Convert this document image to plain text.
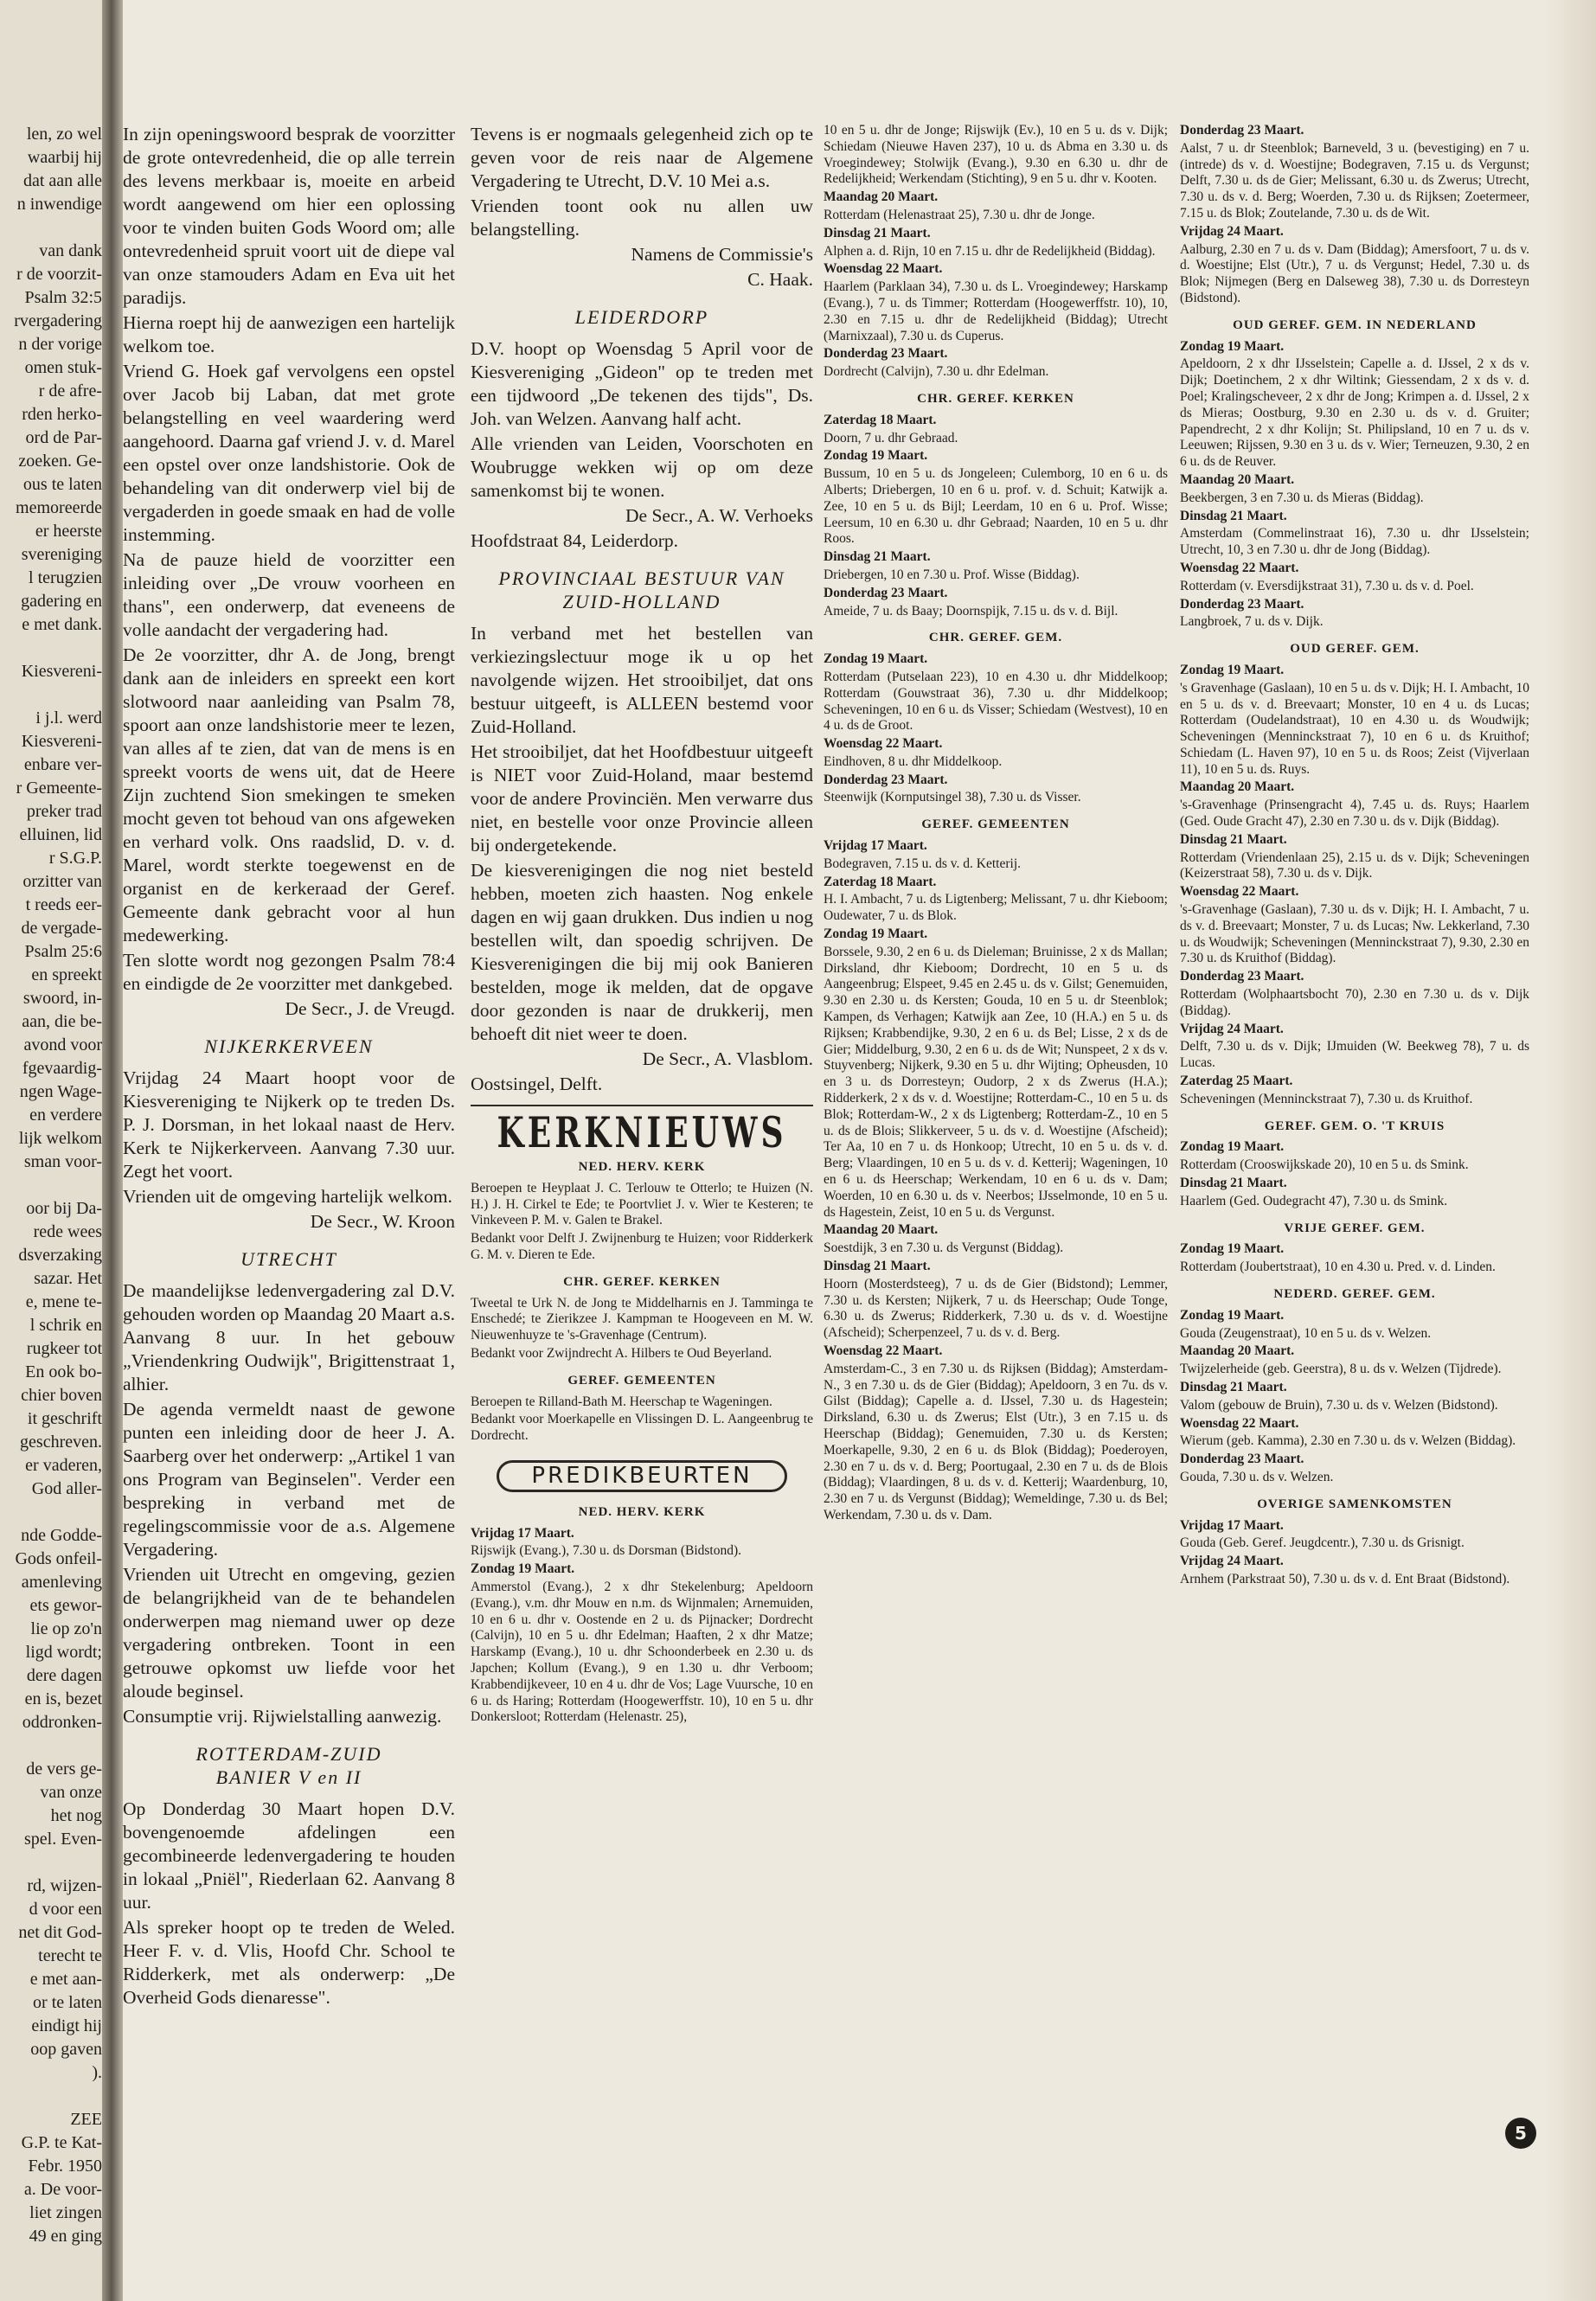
len, zo wel
waarbij hij
dat aan alle
n inwendige
van dank
r de voorzit-
Psalm 32:5
rvergadering
n der vorige
omen stuk-
r de afre-
rden herko-
ord de Par-
zoeken. Ge-
ous te laten
memoreerde
er heerste
svereniging
l terugzien
gadering en
e met dank.
Kiesvereni-
i j.l. werd
Kiesvereni-
enbare ver-
r Gemeente-
preker trad
elluinen, lid
r S.G.P.
orzitter van
t reeds eer-
de vergade-
Psalm 25:6
en spreekt
swoord, in-
aan, die be-
avond voor
fgevaardig-
ngen Wage-
en verdere
lijk welkom
sman voor-
oor bij Da-
rede wees
dsverzaking
sazar. Het
e, mene te-
l schrik en
rugkeer tot
En ook bo-
chier boven
it geschrift
geschreven.
er vaderen,
God aller-
nde Godde-
Gods onfeil-
amenleving
ets gewor-
lie op zo'n
ligd wordt;
dere dagen
en is, bezet
oddronken-
de vers ge-
van onze
het nog
spel. Even-
rd, wijzen-
d voor een
net dit God-
terecht te
e met aan-
or te laten
eindigt hij
oop gaven
).
ZEE
G.P. te Kat-
Febr. 1950
a. De voor-
liet zingen
49 en ging

In zijn openingswoord besprak de voorzitter de grote ontevredenheid, die op alle terrein des levens merkbaar is, moeite en arbeid wordt aangewend om hier een oplossing voor te vinden buiten Gods Woord om; alle ontevredenheid spruit voort uit de diepe val van onze stamouders Adam en Eva uit het paradijs.

Hierna roept hij de aanwezigen een hartelijk welkom toe.

Vriend G. Hoek gaf vervolgens een opstel over Jacob bij Laban, dat met grote belangstelling en veel waardering werd aangehoord. Daarna gaf vriend J. v. d. Marel een opstel over onze landshistorie. Ook de behandeling van dit onderwerp viel bij de vergaderden in goede smaak en had de volle instemming.

Na de pauze hield de voorzitter een inleiding over „De vrouw voorheen en thans", een onderwerp, dat eveneens de volle aandacht der vergadering had.

De 2e voorzitter, dhr A. de Jong, brengt dank aan de inleiders en spreekt een kort slotwoord naar aanleiding van Psalm 78, spoort aan onze landshistorie meer te lezen, van alles af te zien, dat van de mens is en spreekt voorts de wens uit, dat de Heere Zijn zuchtend Sion smekingen te smeken mocht geven tot behoud van ons afgeweken en verhard volk. Ons raadslid, D. v. d. Marel, wordt sterkte toegewenst en de organist en de kerkeraad der Geref. Gemeente dank gebracht voor al hun medewerking.

Ten slotte wordt nog gezongen Psalm 78:4 en eindigde de 2e voorzitter met dankgebed.

De Secr., J. de Vreugd.

NIJKERKERVEEN

Vrijdag 24 Maart hoopt voor de Kiesvereniging te Nijkerk op te treden Ds. P. J. Dorsman, in het lokaal naast de Herv. Kerk te Nijkerkerveen. Aanvang 7.30 uur. Zegt het voort.

Vrienden uit de omgeving hartelijk welkom.

De Secr., W. Kroon

UTRECHT

De maandelijkse ledenvergadering zal D.V. gehouden worden op Maandag 20 Maart a.s. Aanvang 8 uur. In het gebouw „Vriendenkring Oudwijk", Brigittenstraat 1, alhier.

De agenda vermeldt naast de gewone punten een inleiding door de heer J. A. Saarberg over het onderwerp: „Artikel 1 van ons Program van Beginselen". Verder een bespreking in verband met de regelingscommissie voor de a.s. Algemene Vergadering.

Vrienden uit Utrecht en omgeving, gezien de belangrijkheid van de te behandelen onderwerpen mag niemand uwer op deze vergadering ontbreken. Toont in een getrouwe opkomst uw liefde voor het aloude beginsel.

Consumptie vrij. Rijwielstalling aanwezig.

ROTTERDAM-ZUID
BANIER V en II

Op Donderdag 30 Maart hopen D.V. bovengenoemde afdelingen een gecombineerde ledenvergadering te houden in lokaal „Pniël", Riederlaan 62. Aanvang 8 uur.

Als spreker hoopt op te treden de Weled. Heer F. v. d. Vlis, Hoofd Chr. School te Ridderkerk, met als onderwerp: „De Overheid Gods dienaresse".

Tevens is er nogmaals gelegenheid zich op te geven voor de reis naar de Algemene Vergadering te Utrecht, D.V. 10 Mei a.s.

Vrienden toont ook nu allen uw belangstelling.

Namens de Commissie's

C. Haak.

LEIDERDORP

D.V. hoopt op Woensdag 5 April voor de Kiesvereniging „Gideon" op te treden met een tijdwoord „De tekenen des tijds", Ds. Joh. van Welzen. Aanvang half acht.

Alle vrienden van Leiden, Voorschoten en Woubrugge wekken wij op om deze samenkomst bij te wonen.

De Secr., A. W. Verhoeks

Hoofdstraat 84, Leiderdorp.

PROVINCIAAL BESTUUR VAN ZUID-HOLLAND

In verband met het bestellen van verkiezingslectuur moge ik u op het navolgende wijzen. Het strooibiljet, dat ons bestuur uitgeeft, is ALLEEN bestemd voor Zuid-Holland.

Het strooibiljet, dat het Hoofdbestuur uitgeeft is NIET voor Zuid-Holand, maar bestemd voor de andere Provinciën. Men verwarre dus niet, en bestelle voor onze Provincie alleen bij ondergetekende.

De kiesverenigingen die nog niet besteld hebben, moeten zich haasten. Nog enkele dagen en wij gaan drukken. Dus indien u nog bestellen wilt, dan spoedig schrijven. De Kiesverenigingen die bij mij ook Banieren bestelden, moge ik melden, dat de opgave door gezonden is naar de drukkerij, men behoeft dit niet weer te doen.

De Secr., A. Vlasblom.

Oostsingel, Delft.

KERKNIEUWS
NED. HERV. KERK

Beroepen te Heyplaat J. C. Terlouw te Otterlo; te Huizen (N. H.) J. H. Cirkel te Ede; te Poortvliet J. v. Wier te Kesteren; te Vinkeveen P. M. v. Galen te Brakel.

Bedankt voor Delft J. Zwijnenburg te Huizen; voor Ridderkerk G. M. v. Dieren te Ede.

CHR. GEREF. KERKEN

Tweetal te Urk N. de Jong te Middelharnis en J. Tamminga te Enschedé; te Zierikzee J. Kampman te Hoogeveen en M. W. Nieuwenhuyze te 's-Gravenhage (Centrum).

Bedankt voor Zwijndrecht A. Hilbers te Oud Beyerland.

GEREF. GEMEENTEN

Beroepen te Rilland-Bath M. Heerschap te Wageningen.

Bedankt voor Moerkapelle en Vlissingen D. L. Aangeenbrug te Dordrecht.

PREDIKBEURTEN
NED. HERV. KERK

Vrijdag 17 Maart.

Rijswijk (Evang.), 7.30 u. ds Dorsman (Bidstond).

Zondag 19 Maart.

Ammerstol (Evang.), 2 x dhr Stekelenburg; Apeldoorn (Evang.), v.m. dhr Mouw en n.m. ds Wijnmalen; Arnemuiden, 10 en 6 u. dhr v. Oostende en 2 u. ds Pijnacker; Dordrecht (Calvijn), 10 en 5 u. dhr Edelman; Haaften, 2 x dhr Matze; Harskamp (Evang.), 10 u. dhr Schoonderbeek en 2.30 u. ds Japchen; Kollum (Evang.), 9 en 1.30 u. dhr Verboom; Krabbendijkeveer, 10 en 4 u. dhr de Vos; Lage Vuursche, 10 en 6 u. ds Haring; Rotterdam (Hoogewerffstr. 10), 10 en 5 u. dhr Donkersloot; Rotterdam (Helenastr. 25),

10 en 5 u. dhr de Jonge; Rijswijk (Ev.), 10 en 5 u. ds v. Dijk; Schiedam (Nieuwe Haven 237), 10 u. ds Abma en 3.30 u. ds Vroegindewey; Stolwijk (Evang.), 9.30 en 6.30 u. dhr de Redelijkheid; Werkendam (Stichting), 9 en 5 u. dhr v. Kooten.

Maandag 20 Maart.

Rotterdam (Helenastraat 25), 7.30 u. dhr de Jonge.

Dinsdag 21 Maart.

Alphen a. d. Rijn, 10 en 7.15 u. dhr de Redelijkheid (Biddag).

Woensdag 22 Maart.

Haarlem (Parklaan 34), 7.30 u. ds L. Vroegindewey; Harskamp (Evang.), 7 u. ds Timmer; Rotterdam (Hoogewerffstr. 10), 10, 2.30 en 7.15 u. dhr de Redelijkheid (Biddag); Utrecht (Marnixzaal), 7.30 u. ds Cuperus.

Donderdag 23 Maart.

Dordrecht (Calvijn), 7.30 u. dhr Edelman.

CHR. GEREF. KERKEN

Zaterdag 18 Maart.

Doorn, 7 u. dhr Gebraad.

Zondag 19 Maart.

Bussum, 10 en 5 u. ds Jongeleen; Culemborg, 10 en 6 u. ds Alberts; Driebergen, 10 en 6 u. prof. v. d. Schuit; Katwijk a. Zee, 10 en 5 u. ds Bijl; Leerdam, 10 en 6 u. Prof. Wisse; Leersum, 10 en 6.30 u. dhr Gebraad; Naarden, 10 en 5 u. dhr Roos.

Dinsdag 21 Maart.

Driebergen, 10 en 7.30 u. Prof. Wisse (Biddag).

Donderdag 23 Maart.

Ameide, 7 u. ds Baay; Doornspijk, 7.15 u. ds v. d. Bijl.

CHR. GEREF. GEM.

Zondag 19 Maart.

Rotterdam (Putselaan 223), 10 en 4.30 u. dhr Middelkoop; Rotterdam (Gouwstraat 36), 7.30 u. dhr Middelkoop; Scheveningen, 10 en 6 u. ds Visser; Schiedam (Westvest), 10 en 4 u. ds de Groot.

Woensdag 22 Maart.

Eindhoven, 8 u. dhr Middelkoop.

Donderdag 23 Maart.

Steenwijk (Kornputsingel 38), 7.30 u. ds Visser.

GEREF. GEMEENTEN

Vrijdag 17 Maart.

Bodegraven, 7.15 u. ds v. d. Ketterij.

Zaterdag 18 Maart.

H. I. Ambacht, 7 u. ds Ligtenberg; Melissant, 7 u. dhr Kieboom; Oudewater, 7 u. ds Blok.

Zondag 19 Maart.

Borssele, 9.30, 2 en 6 u. ds Dieleman; Bruinisse, 2 x ds Mallan; Dirksland, dhr Kieboom; Dordrecht, 10 en 5 u. ds Aangeenbrug; Elspeet, 9.45 en 2.45 u. ds v. Gilst; Genemuiden, 9.30 en 2.30 u. ds Kersten; Gouda, 10 en 5 u. dr Steenblok; Kampen, ds Verhagen; Katwijk aan Zee, 10 (H.A.) en 5 u. ds Rijksen; Krabbendijke, 9.30, 2 en 6 u. ds Bel; Lisse, 2 x ds de Gier; Middelburg, 9.30, 2 en 6 u. ds de Wit; Nunspeet, 2 x ds v. Stuyvenberg; Nijkerk, 9.30 en 5 u. dhr Wijting; Opheusden, 10 en 3 u. ds Dorresteyn; Oudorp, 2 x ds Zwerus (H.A.); Ridderkerk, 2 x ds v. d. Woestijne; Rotterdam-C., 10 en 5 u. ds Blok; Rotterdam-W., 2 x ds Ligtenberg; Rotterdam-Z., 10 en 5 u. ds de Blois; Slikkerveer, 5 u. ds v. d. Woestijne (Afscheid); Ter Aa, 10 en 7 u. ds Honkoop; Utrecht, 10 en 5 u. ds v. d. Berg; Vlaardingen, 10 en 5 u. ds v. d. Ketterij; Wageningen, 10 en 6 u. ds Heerschap; Werkendam, 10 en 6 u. ds v. Dam; Woerden, 10 en 6.30 u. ds v. Neerbos; IJsselmonde, 10 en 5 u. ds Hagestein, Zeist, 10 en 5 u. ds Vergunst.

Maandag 20 Maart.

Soestdijk, 3 en 7.30 u. ds Vergunst (Biddag).

Dinsdag 21 Maart.

Hoorn (Mosterdsteeg), 7 u. ds de Gier (Bidstond); Lemmer, 7.30 u. ds Kersten; Nijkerk, 7 u. ds Heerschap; Oude Tonge, 6.30 u. ds Zwerus; Ridderkerk, 7.30 u. ds v. d. Woestijne (Afscheid); Scherpenzeel, 7 u. ds v. d. Berg.

Woensdag 22 Maart.

Amsterdam-C., 3 en 7.30 u. ds Rijksen (Biddag); Amsterdam-N., 3 en 7.30 u. ds de Gier (Biddag); Apeldoorn, 3 en 7u. ds v. Gilst (Biddag); Capelle a. d. IJssel, 7.30 u. ds Hagestein; Dirksland, 6.30 u. ds Zwerus; Elst (Utr.), 3 en 7.15 u. ds Heerschap (Biddag); Genemuiden, 7.30 u. ds Kersten; Moerkapelle, 9.30, 2 en 6 u. ds Blok (Biddag); Poederoyen, 2.30 en 7 u. ds v. d. Berg; Poortugaal, 2.30 en 7 u. ds de Blois (Biddag); Vlaardingen, 8 u. ds v. d. Ketterij; Waardenburg, 10, 2.30 en 7 u. ds Vergunst (Biddag); Wemeldinge, 7.30 u. ds Bel; Werkendam, 7.30 u. ds v. Dam.

Donderdag 23 Maart.

Aalst, 7 u. dr Steenblok; Barneveld, 3 u. (bevestiging) en 7 u. (intrede) ds v. d. Woestijne; Bodegraven, 7.15 u. ds Vergunst; Delft, 7.30 u. ds de Gier; Melissant, 6.30 u. ds Zwerus; Utrecht, 7.30 u. ds v. d. Berg; Woerden, 7.30 u. ds Rijksen; Zoetermeer, 7.15 u. ds Blok; Zoutelande, 7.30 u. ds de Wit.

Vrijdag 24 Maart.

Aalburg, 2.30 en 7 u. ds v. Dam (Biddag); Amersfoort, 7 u. ds v. d. Woestijne; Elst (Utr.), 7 u. ds Vergunst; Hedel, 7.30 u. ds Blok; Nijmegen (Berg en Dalseweg 38), 7.30 u. ds Dorresteyn (Bidstond).

OUD GEREF. GEM. IN NEDERLAND

Zondag 19 Maart.

Apeldoorn, 2 x dhr IJsselstein; Capelle a. d. IJssel, 2 x ds v. Dijk; Doetinchem, 2 x dhr Wiltink; Giessendam, 2 x ds v. d. Poel; Kralingscheveer, 2 x dhr de Jong; Krimpen a. d. IJssel, 2 x ds Mieras; Oostburg, 9.30 en 2.30 u. ds v. d. Gruiter; Papendrecht, 2 x dhr Kolijn; St. Philipsland, 10 en 7 u. ds v. Leeuwen; Rijssen, 9.30 en 3 u. ds v. Wier; Terneuzen, 9.30, 2 en 6 u. ds de Reuver.

Maandag 20 Maart.

Beekbergen, 3 en 7.30 u. ds Mieras (Biddag).

Dinsdag 21 Maart.

Amsterdam (Commelinstraat 16), 7.30 u. dhr IJsselstein; Utrecht, 10, 3 en 7.30 u. dhr de Jong (Biddag).

Woensdag 22 Maart.

Rotterdam (v. Eversdijkstraat 31), 7.30 u. ds v. d. Poel.

Donderdag 23 Maart.

Langbroek, 7 u. ds v. Dijk.

OUD GEREF. GEM.

Zondag 19 Maart.

's Gravenhage (Gaslaan), 10 en 5 u. ds v. Dijk; H. I. Ambacht, 10 en 5 u. ds v. d. Breevaart; Monster, 10 en 4 u. ds Lucas; Rotterdam (Oudelandstraat), 10 en 4.30 u. ds Woudwijk; Scheveningen (Menninckstraat 7), 10 en 6 u. ds Kruithof; Schiedam (L. Haven 97), 10 en 5 u. ds Roos; Zeist (Vijverlaan 11), 10 en 5 u. ds. Ruys.

Maandag 20 Maart.

's-Gravenhage (Prinsengracht 4), 7.45 u. ds. Ruys; Haarlem (Ged. Oude Gracht 47), 2.30 en 7.30 u. ds v. Dijk (Biddag).

Dinsdag 21 Maart.

Rotterdam (Vriendenlaan 25), 2.15 u. ds v. Dijk; Scheveningen (Keizerstraat 58), 7.30 u. ds v. Dijk.

Woensdag 22 Maart.

's-Gravenhage (Gaslaan), 7.30 u. ds v. Dijk; H. I. Ambacht, 7 u. ds v. d. Breevaart; Monster, 7 u. ds Lucas; Nw. Lekkerland, 7.30 u. ds Woudwijk; Scheveningen (Menninckstraat 7), 9.30, 2.30 en 7.30 u. ds Kruithof (Biddag).

Donderdag 23 Maart.

Rotterdam (Wolphaartsbocht 70), 2.30 en 7.30 u. ds v. Dijk (Biddag).

Vrijdag 24 Maart.

Delft, 7.30 u. ds v. Dijk; IJmuiden (W. Beekweg 78), 7 u. ds Lucas.

Zaterdag 25 Maart.

Scheveningen (Menninckstraat 7), 7.30 u. ds Kruithof.

GEREF. GEM. O. 'T KRUIS

Zondag 19 Maart.

Rotterdam (Crooswijkskade 20), 10 en 5 u. ds Smink.

Dinsdag 21 Maart.

Haarlem (Ged. Oudegracht 47), 7.30 u. ds Smink.

VRIJE GEREF. GEM.

Zondag 19 Maart.

Rotterdam (Joubertstraat), 10 en 4.30 u. Pred. v. d. Linden.

NEDERD. GEREF. GEM.

Zondag 19 Maart.

Gouda (Zeugenstraat), 10 en 5 u. ds v. Welzen.

Maandag 20 Maart.

Twijzelerheide (geb. Geerstra), 8 u. ds v. Welzen (Tijdrede).

Dinsdag 21 Maart.

Valom (gebouw de Bruin), 7.30 u. ds v. Welzen (Bidstond).

Woensdag 22 Maart.

Wierum (geb. Kamma), 2.30 en 7.30 u. ds v. Welzen (Biddag).

Donderdag 23 Maart.

Gouda, 7.30 u. ds v. Welzen.

OVERIGE SAMENKOMSTEN

Vrijdag 17 Maart.

Gouda (Geb. Geref. Jeugdcentr.), 7.30 u. ds Grisnigt.

Vrijdag 24 Maart.

Arnhem (Parkstraat 50), 7.30 u. ds v. d. Ent Braat (Bidstond).

5
